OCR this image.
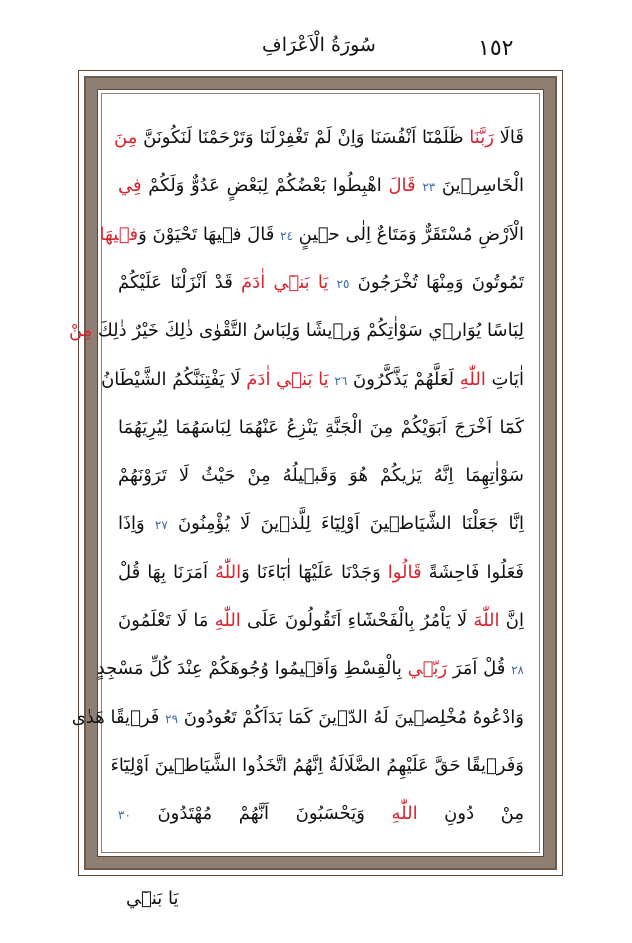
سُورَةُ الْاَعْرَافِ	١٥٢
قَالَا رَبَّنَا ظَلَمْنَٓا اَنْفُسَنَا وَاِنْ لَمْ تَغْفِرْلَنَا وَتَرْحَمْنَا لَنَكُونَنَّ مِنَ
الْخَاسِرٖينَ ٢٣ قَالَ اهْبِطُوا بَعْضُكُمْ لِبَعْضٍ عَدُوٌّ وَلَكُمْ فِي
الْاَرْضِ مُسْتَقَرٌّ وَمَتَاعٌ اِلٰى حٖينٍ ٢٤ قَالَ فٖيهَا تَحْيَوْنَ وَفٖيهَا
تَمُوتُونَ وَمِنْهَا تُخْرَجُونَ ٢٥ يَا بَنٖٓي اٰدَمَ قَدْ اَنْزَلْنَا عَلَيْكُمْ
لِبَاسًا يُوَارٖي سَوْاٰتِكُمْ وَرٖيشًا وَلِبَاسُ التَّقْوٰى ذٰلِكَ خَيْرٌ ذٰلِكَ مِنْ
اٰيَاتِ اللّٰهِ لَعَلَّهُمْ يَذَّكَّرُونَ ٢٦ يَا بَنٖٓي اٰدَمَ لَا يَفْتِنَنَّكُمُ الشَّيْطَانُ
كَمَٓا اَخْرَجَ اَبَوَيْكُمْ مِنَ الْجَنَّةِ يَنْزِعُ عَنْهُمَا لِبَاسَهُمَا لِيُرِيَهُمَا
سَوْاٰتِهِمَا اِنَّهُ يَرٰيكُمْ هُوَ وَقَبٖيلُهُ مِنْ حَيْثُ لَا تَرَوْنَهُمْ
اِنَّا جَعَلْنَا الشَّيَاطٖينَ اَوْلِيَٓاءَ لِلَّذٖينَ لَا يُؤْمِنُونَ ٢٧ وَاِذَا
فَعَلُوا فَاحِشَةً قَالُوا وَجَدْنَا عَلَيْهَٓا اٰبَٓاءَنَا وَاللّٰهُ اَمَرَنَا بِهَا قُلْ
اِنَّ اللّٰهَ لَا يَاْمُرُ بِالْفَحْشَٓاءِ اَتَقُولُونَ عَلَى اللّٰهِ مَا لَا تَعْلَمُونَ
٢٨ قُلْ اَمَرَ رَبّٖي بِالْقِسْطِ وَاَقٖيمُوا وُجُوهَكُمْ عِنْدَ كُلِّ مَسْجِدٍ
وَادْعُوهُ مُخْلِصٖينَ لَهُ الدّٖينَ كَمَا بَدَاَكُمْ تَعُودُونَ ٢٩ فَرٖيقًا هَدٰى
وَفَرٖيقًا حَقَّ عَلَيْهِمُ الضَّلَالَةُ اِنَّهُمُ اتَّخَذُوا الشَّيَاطٖينَ اَوْلِيَٓاءَ
مِنْ دُونِ اللّٰهِ وَيَحْسَبُونَ اَنَّهُمْ مُهْتَدُونَ ٣٠
يَا بَنٖٓي
